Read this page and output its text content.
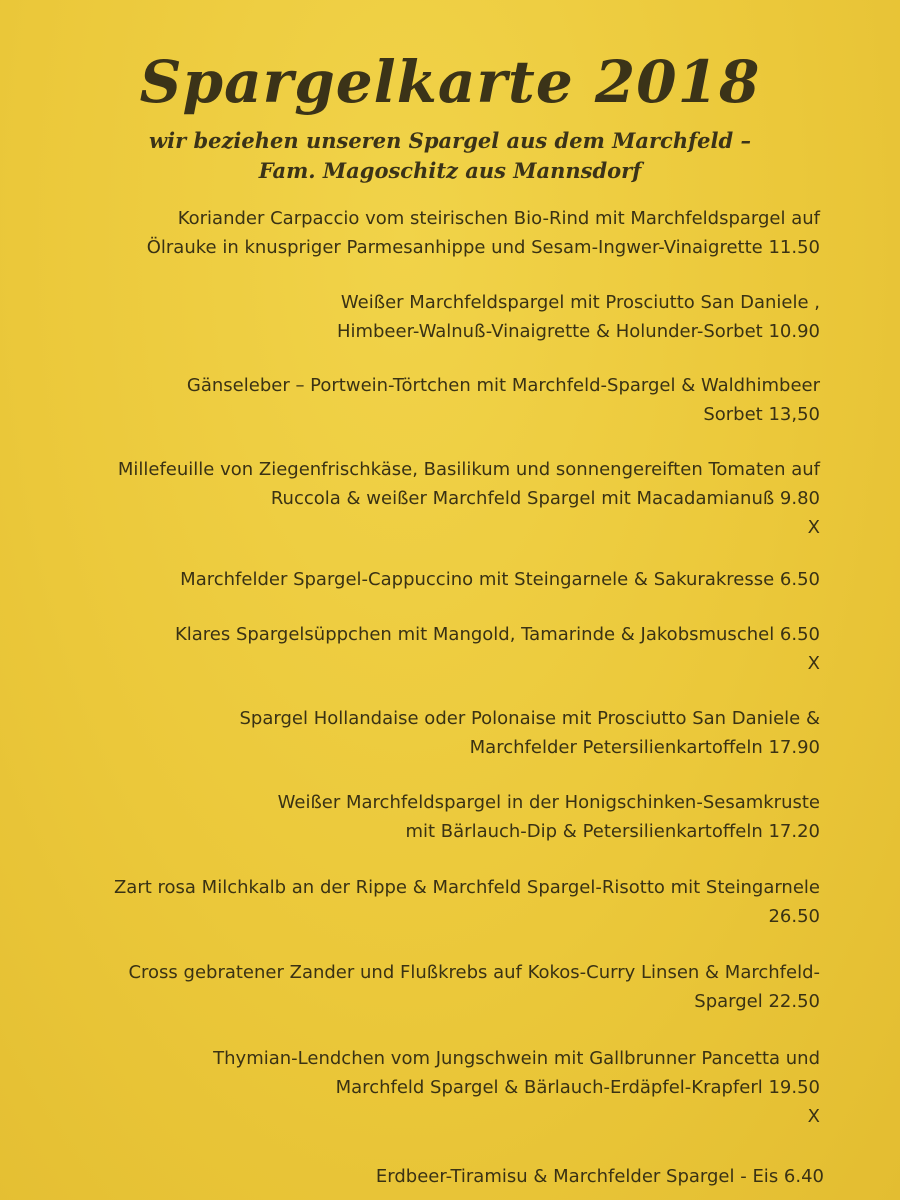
Spargelkarte 2018
wir beziehen unseren Spargel aus dem Marchfeld –
Fam. Magoschitz aus Mannsdorf
Koriander Carpaccio vom steirischen Bio-Rind mit Marchfeldspargel auf
Ölrauke in knuspriger Parmesanhippe und Sesam-Ingwer-Vinaigrette 11.50
Weißer Marchfeldspargel mit Prosciutto San Daniele ,
Himbeer-Walnuß-Vinaigrette & Holunder-Sorbet 10.90
Gänseleber – Portwein-Törtchen mit Marchfeld-Spargel & Waldhimbeer
Sorbet 13,50
Millefeuille von Ziegenfrischkäse, Basilikum und sonnengereiften Tomaten auf
Ruccola & weißer Marchfeld Spargel mit Macadamianuß 9.80
X
Marchfelder Spargel-Cappuccino mit Steingarnele & Sakurakresse 6.50
Klares Spargelsüppchen mit Mangold, Tamarinde & Jakobsmuschel 6.50
X
Spargel Hollandaise oder Polonaise mit Prosciutto San Daniele &
Marchfelder Petersilienkartoffeln 17.90
Weißer Marchfeldspargel in der Honigschinken-Sesamkruste
mit Bärlauch-Dip & Petersilienkartoffeln 17.20
Zart rosa Milchkalb an der Rippe & Marchfeld Spargel-Risotto mit Steingarnele
26.50
Cross gebratener Zander und Flußkrebs auf Kokos-Curry Linsen & Marchfeld-
Spargel 22.50
Thymian-Lendchen vom Jungschwein mit Gallbrunner Pancetta und
Marchfeld Spargel & Bärlauch-Erdäpfel-Krapferl 19.50
X
Erdbeer-Tiramisu & Marchfelder Spargel - Eis 6.40
